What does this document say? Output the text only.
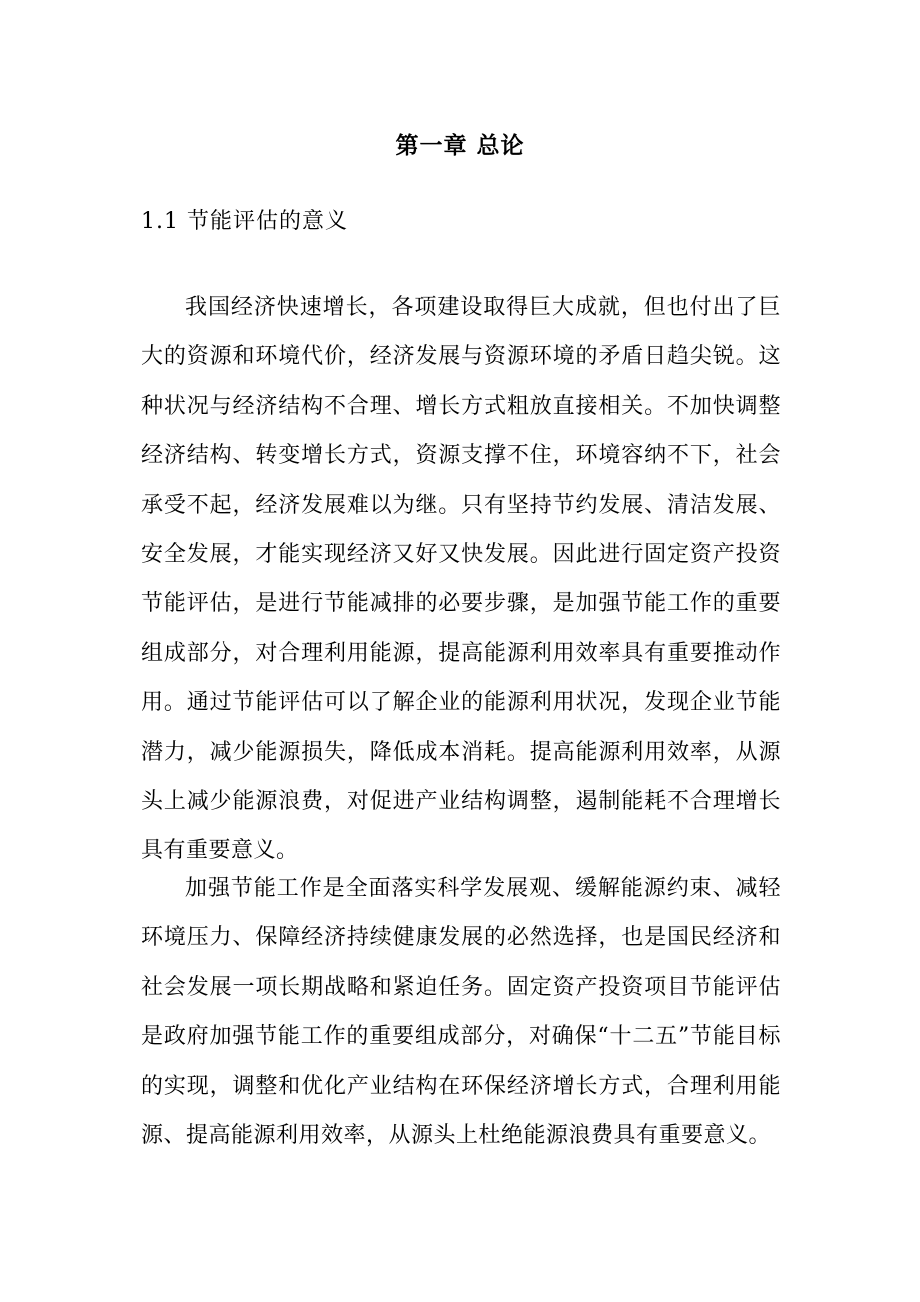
第一章 总论
1.1 节能评估的意义

我国经济快速增长，各项建设取得巨大成就，但也付出了巨大的资源和环境代价，经济发展与资源环境的矛盾日趋尖锐。这种状况与经济结构不合理、增长方式粗放直接相关。不加快调整经济结构、转变增长方式，资源支撑不住，环境容纳不下，社会承受不起，经济发展难以为继。只有坚持节约发展、清洁发展、安全发展，才能实现经济又好又快发展。因此进行固定资产投资节能评估，是进行节能减排的必要步骤，是加强节能工作的重要组成部分，对合理利用能源，提高能源利用效率具有重要推动作用。通过节能评估可以了解企业的能源利用状况，发现企业节能潜力，减少能源损失，降低成本消耗。提高能源利用效率，从源头上减少能源浪费，对促进产业结构调整，遏制能耗不合理增长具有重要意义。

加强节能工作是全面落实科学发展观、缓解能源约束、减轻环境压力、保障经济持续健康发展的必然选择，也是国民经济和社会发展一项长期战略和紧迫任务。固定资产投资项目节能评估是政府加强节能工作的重要组成部分，对确保“十二五”节能目标的实现，调整和优化产业结构在环保经济增长方式，合理利用能源、提高能源利用效率，从源头上杜绝能源浪费具有重要意义。
